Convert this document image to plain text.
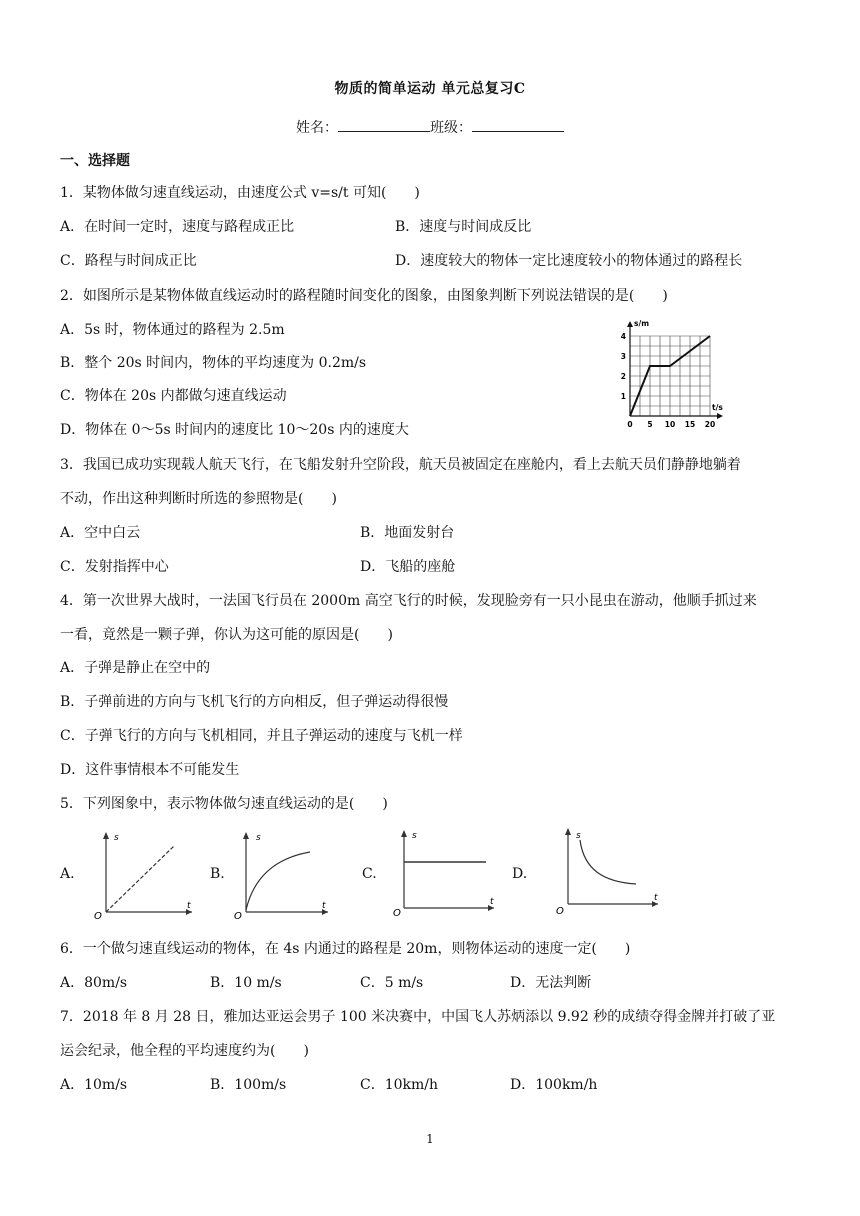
物质的简单运动 单元总复习C
姓名：	班级：
一、选择题
1．某物体做匀速直线运动，由速度公式 v=s/t 可知(　　)
A．在时间一定时，速度与路程成正比	B．速度与时间成反比
C．路程与时间成正比	D．速度较大的物体一定比速度较小的物体通过的路程长
2．如图所示是某物体做直线运动时的路程随时间变化的图象，由图象判断下列说法错误的是(　　)
A．5s 时，物体通过的路程为 2.5m
B．整个 20s 时间内，物体的平均速度为 0.2m/s
C．物体在 20s 内都做匀速直线运动
D．物体在 0～5s 时间内的速度比 10～20s 内的速度大	0 5 10 15 20
1
2
3
4
s/m
t/s
3．我国已成功实现载人航天飞行，在飞船发射升空阶段，航天员被固定在座舱内，看上去航天员们静静地躺着
不动，作出这种判断时所选的参照物是(　　)
A．空中白云	B．地面发射台
C．发射指挥中心	D．飞船的座舱
4．第一次世界大战时，一法国飞行员在 2000m 高空飞行的时候，发现脸旁有一只小昆虫在游动，他顺手抓过来
一看，竟然是一颗子弹，你认为这可能的原因是(　　)
A．子弹是静止在空中的
B．子弹前进的方向与飞机飞行的方向相反，但子弹运动得很慢
C．子弹飞行的方向与飞机相同，并且子弹运动的速度与飞机一样
D．这件事情根本不可能发生
5．下列图象中，表示物体做匀速直线运动的是(　　)
A.	B.	C.	D.
s
t
O
s
t
O
s
t
O
s
t
O
6．一个做匀速直线运动的物体，在 4s 内通过的路程是 20m，则物体运动的速度一定(　　)
A．80m/s	B．10 m/s	C．5 m/s	D．无法判断
7．2018 年 8 月 28 日，雅加达亚运会男子 100 米决赛中，中国飞人苏炳添以 9.92 秒的成绩夺得金牌并打破了亚
运会纪录，他全程的平均速度约为(　　)
A．10m/s	B．100m/s	C．10km/h	D．100km/h
1
